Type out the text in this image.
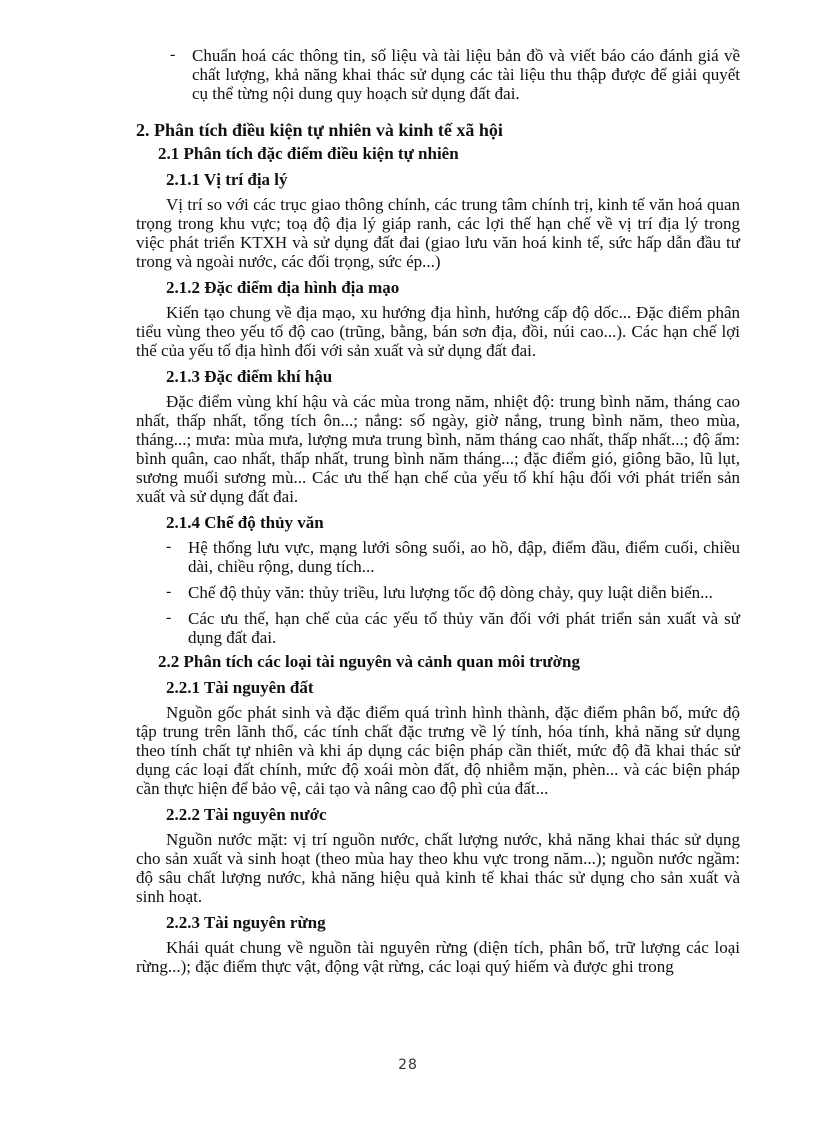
- Chuẩn hoá các thông tin, số liệu và tài liệu bản đồ và viết báo cáo đánh giá về chất lượng, khả năng khai thác sử dụng các tài liệu thu thập được để giải quyết cụ thể từng nội dung quy hoạch sử dụng đất đai.

2. Phân tích điều kiện tự nhiên và kinh tế xã hội
2.1 Phân tích đặc điểm điều kiện tự nhiên
2.1.1 Vị trí địa lý

Vị trí so với các trục giao thông chính, các trung tâm chính trị, kinh tế văn hoá quan trọng trong khu vực; toạ độ địa lý giáp ranh, các lợi thế hạn chế về vị trí địa lý trong việc phát triển KTXH và sử dụng đất đai (giao lưu văn hoá kinh tế, sức hấp dẫn đầu tư trong và ngoài nước, các đối trọng, sức ép...)

2.1.2 Đặc điểm địa hình địa mạo

Kiến tạo chung về địa mạo, xu hướng địa hình, hướng cấp độ dốc... Đặc điểm phân tiểu vùng theo yếu tố độ cao (trũng, bằng, bán sơn địa, đồi, núi cao...). Các hạn chế lợi thế của yếu tố địa hình đối với sản xuất và sử dụng đất đai.

2.1.3 Đặc điểm khí hậu

Đặc điểm vùng khí hậu và các mùa trong năm, nhiệt độ: trung bình năm, tháng cao nhất, thấp nhất, tổng tích ôn...; nắng: số ngày, giờ nắng, trung bình năm, theo mùa, tháng...; mưa: mùa mưa, lượng mưa trung bình, năm tháng cao nhất, thấp nhất...; độ ẩm: bình quân, cao nhất, thấp nhất, trung bình năm tháng...; đặc điểm gió, giông bão, lũ lụt, sương muối sương mù... Các ưu thế hạn chế của yếu tố khí hậu đối với phát triển sản xuất và sử dụng đất đai.

2.1.4 Chế độ thủy văn
- Hệ thống lưu vực, mạng lưới sông suối, ao hồ, đập, điểm đầu, điểm cuối, chiều dài, chiều rộng, dung tích...

- Chế độ thủy văn: thủy triều, lưu lượng tốc độ dòng chảy, quy luật diễn biến...

- Các ưu thế, hạn chế của các yếu tố thủy văn đối với phát triển sản xuất và sử dụng đất đai.

2.2 Phân tích các loại tài nguyên và cảnh quan môi trường
2.2.1 Tài nguyên đất

Nguồn gốc phát sinh và đặc điểm quá trình hình thành, đặc điểm phân bố, mức độ tập trung trên lãnh thổ, các tính chất đặc trưng về lý tính, hóa tính, khả năng sử dụng theo tính chất tự nhiên và khi áp dụng các biện pháp cần thiết, mức độ đã khai thác sử dụng các loại đất chính, mức độ xoái mòn đất, độ nhiễm mặn, phèn... và các biện pháp cần thực hiện để bảo vệ, cải tạo và nâng cao độ phì của đất...

2.2.2 Tài nguyên nước

Nguồn nước mặt: vị trí nguồn nước, chất lượng nước, khả năng khai thác sử dụng cho sản xuất và sinh hoạt (theo mùa hay theo khu vực trong năm...); nguồn nước ngầm: độ sâu chất lượng nước, khả năng hiệu quả kinh tế khai thác sử dụng cho sản xuất và sinh hoạt.

2.2.3 Tài nguyên rừng

Khái quát chung về nguồn tài nguyên rừng (diện tích, phân bố, trữ lượng các loại rừng...); đặc điểm thực vật, động vật rừng, các loại quý hiếm và được ghi trong

28
